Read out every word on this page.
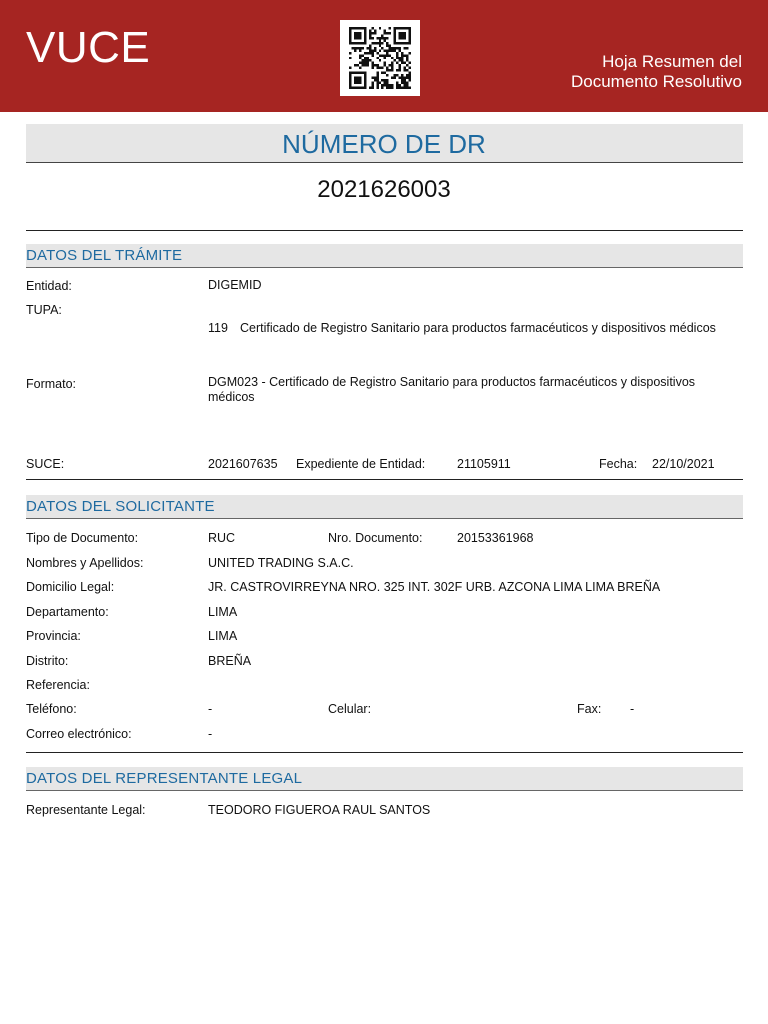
VUCE	Hoja Resumen del
Documento Resolutivo
NÚMERO DE DR
2021626003
DATOS DEL TRÁMITE
Entidad:	DIGEMID
TUPA:
119 Certificado de Registro Sanitario para productos farmacéuticos y dispositivos médicos
Formato:	DGM023 - Certificado de Registro Sanitario para productos farmacéuticos y dispositivos médicos
SUCE:	2021607635 Expediente de Entidad:	21105911	Fecha: 22/10/2021
DATOS DEL SOLICITANTE
Tipo de Documento:	RUC	Nro. Documento:	20153361968
Nombres y Apellidos:	UNITED TRADING S.A.C.
Domicilio Legal:	JR. CASTROVIRREYNA NRO. 325 INT. 302F URB. AZCONA LIMA LIMA BREÑA
Departamento:	LIMA
Provincia:	LIMA
Distrito:	BREÑA
Referencia:
Teléfono:	-	Celular:	Fax: -
Correo electrónico:	-
DATOS DEL REPRESENTANTE LEGAL
Representante Legal:	TEODORO FIGUEROA RAUL SANTOS
